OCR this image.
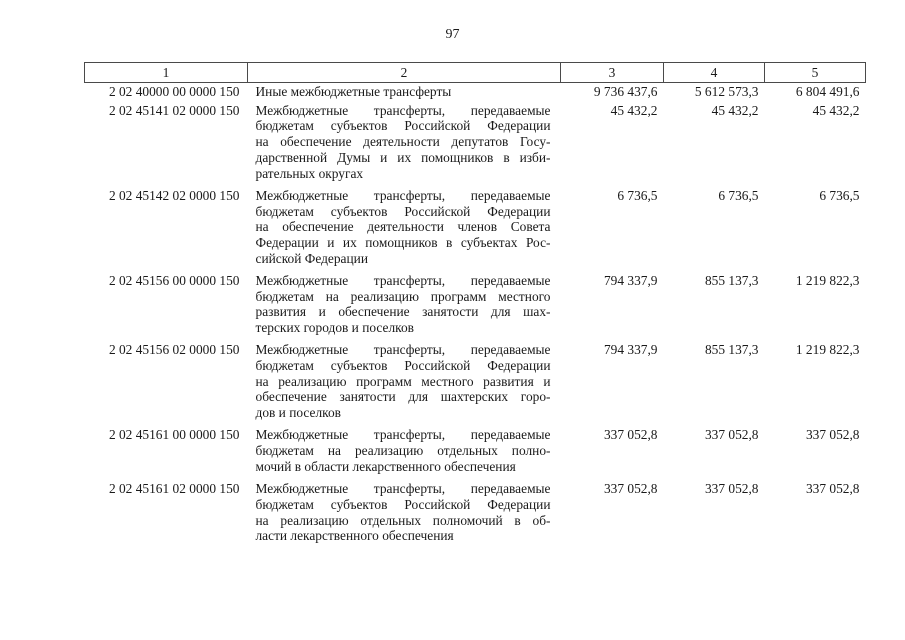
97
1	2	3	4	5
2 02 40000 00 0000 150	Иные межбюджетные трансферты	9 736 437,6	5 612 573,3	6 804 491,6
2 02 45141 02 0000 150	Межбюджетные трансферты, передаваемые
бюджетам субъектов Российской Федерации
на обеспечение деятельности депутатов Госу-
дарственной Думы и их помощников в изби-
рательных округах	45 432,2	45 432,2	45 432,2
2 02 45142 02 0000 150	Межбюджетные трансферты, передаваемые
бюджетам субъектов Российской Федерации
на обеспечение деятельности членов Совета
Федерации и их помощников в субъектах Рос-
сийской Федерации	6 736,5	6 736,5	6 736,5
2 02 45156 00 0000 150	Межбюджетные трансферты, передаваемые
бюджетам на реализацию программ местного
развития и обеспечение занятости для шах-
терских городов и поселков	794 337,9	855 137,3	1 219 822,3
2 02 45156 02 0000 150	Межбюджетные трансферты, передаваемые
бюджетам субъектов Российской Федерации
на реализацию программ местного развития и
обеспечение занятости для шахтерских горо-
дов и поселков	794 337,9	855 137,3	1 219 822,3
2 02 45161 00 0000 150	Межбюджетные трансферты, передаваемые
бюджетам на реализацию отдельных полно-
мочий в области лекарственного обеспечения	337 052,8	337 052,8	337 052,8
2 02 45161 02 0000 150	Межбюджетные трансферты, передаваемые
бюджетам субъектов Российской Федерации
на реализацию отдельных полномочий в об-
ласти лекарственного обеспечения	337 052,8	337 052,8	337 052,8
